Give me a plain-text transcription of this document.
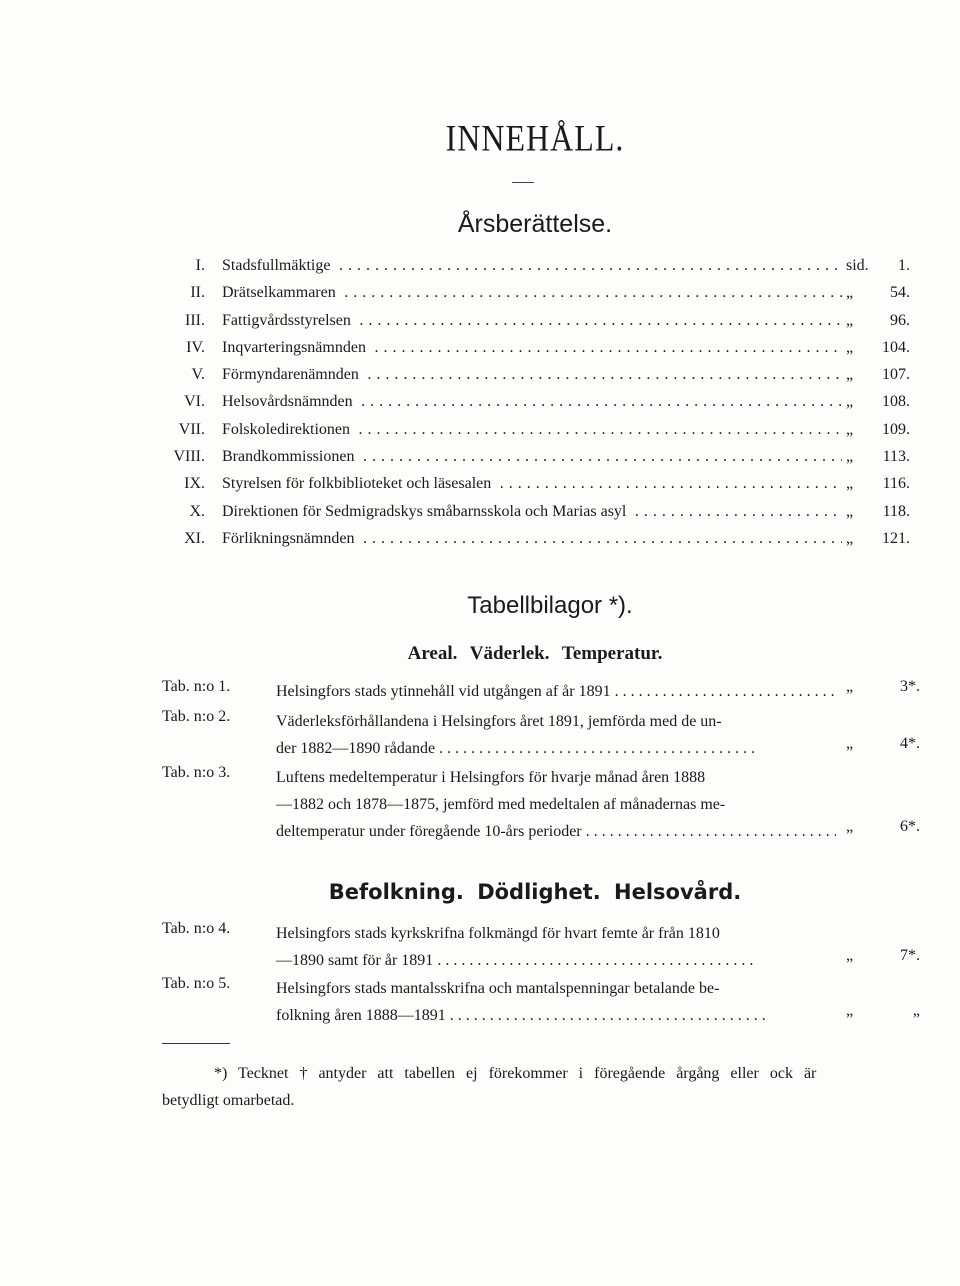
INNEHÅLL.
Årsberättelse.
I. Stadsfullmäktige . . .	sid.	1.
II. Drätselkammaren . . .	„	54.
III. Fattigvårdsstyrelsen . . .	„	96.
IV. Inqvarteringsnämnden . . .	„	104.
V. Förmyndarenämnden . . .	„	107.
VI. Helsovårdsnämnden . . .	„	108.
VII. Folskoledirektionen . . .	„	109.
VIII. Brandkommissionen . . .	„	113.
IX. Styrelsen för folkbiblioteket och läsesalen . . .	„	116.
X. Direktionen för Sedmigradskys småbarnsskola och Marias asyl . . .	„	118.
XI. Förlikningsnämnden . . .	„	121.
Tabellbilagor *).
Areal. Väderlek. Temperatur.
Tab. n:o 1.	Helsingfors stads ytinnehåll vid utgången af år 1891 . . .	„	3*.
Tab. n:o 2.	Väderleksförhållandena i Helsingfors året 1891, jemförda med de un-
der 1882—1890 rådande . . .	„	4*.
Tab. n:o 3.	Luftens medeltemperatur i Helsingfors för hvarje månad åren 1888
—1882 och 1878—1875, jemförd med medeltalen af månadernas me-
deltemperatur under föregående 10-års perioder . . .	„	6*.
Befolkning. Dödlighet. Helsovård.
Tab. n:o 4.	Helsingfors stads kyrkskrifna folkmängd för hvart femte år från 1810
—1890 samt för år 1891 . . .	„	7*.
Tab. n:o 5.	Helsingfors stads mantalsskrifna och mantalspenningar betalande be-
folkning åren 1888—1891 . . .	„	„
*) Tecknet † antyder att tabellen ej förekommer i föregående årgång eller ock är
betydligt omarbetad.
